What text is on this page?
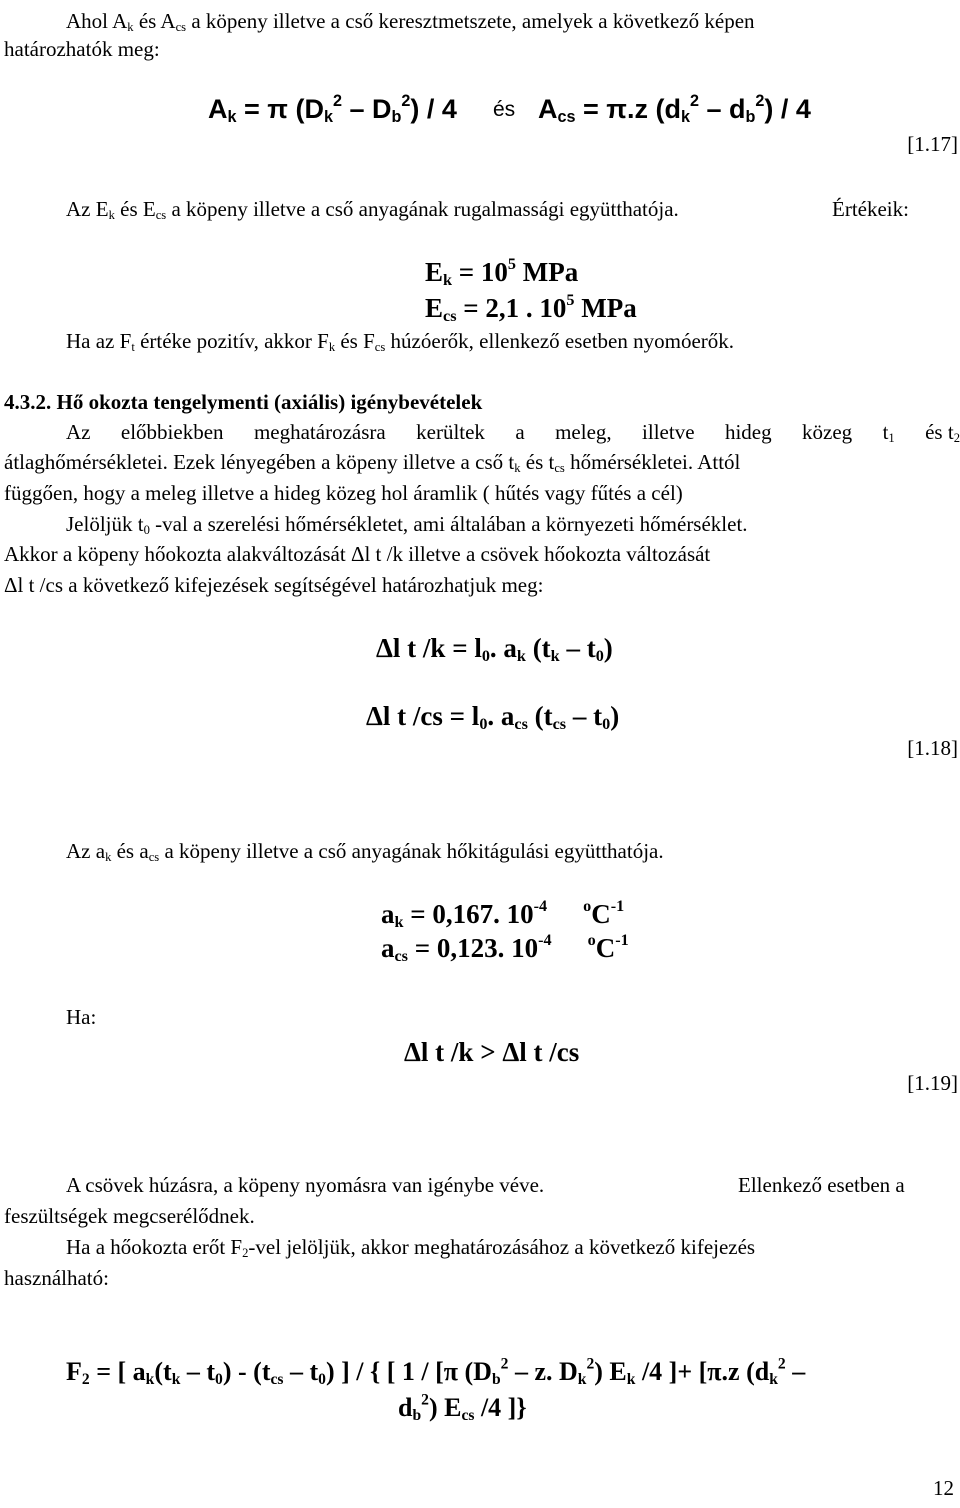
Ahol $A_k$ és $A_{cs}$ a köpeny illetve a cső keresztmetszete, amelyek a következő képen
határozhatók meg:
$A_k = \pi$ $(D_k^2 - D_b^2) / 4$ és $A_{cs} = \pi.z$ $(d_k^2 - d_b^2) / 4$
[1.17]
Az $E_k$ és $E_{cs}$ a köpeny illetve a cső anyagának rugalmassági együtthatója.	Értékeik:
$E_k = 10^5$ MPa
$E_{cs} = 2,1$ . $10^5$ MPa
Ha az $F_t$ értéke pozitív, akkor $F_k$ és $F_{cs}$ húzóerők, ellenkező esetben nyomóerők.
4.3.2. Hő okozta tengelymenti (axiális) igénybevételek
Az előbbiekben meghatározásra kerültek a meleg, illetve hideg közeg $t_1$ és $t_2$
átlaghőmérsékletei. Ezek lényegében a köpeny illetve a cső $t_k$ és $t_{cs}$ hőmérsékletei. Attól
függően, hogy a meleg illetve a hideg közeg hol áramlik ( hűtés vagy fűtés a cél)
Jelöljük $t_0$ -val a szerelési hőmérsékletet, ami általában a környezeti hőmérséklet.
Akkor a köpeny hőokozta alakváltozását Δl t /k illetve a csövek hőokozta változását
Δl t /cs a következő kifejezések segítségével határozhatjuk meg:
Δl t $/k = l_0$. $a_k$ $(t_k - t_0)$
Δl t $/cs = l_0$. $a_{cs}$ $(t_{cs} - t_0)$
[1.18]
Az $a_k$ és $a_{cs}$ a köpeny illetve a cső anyagának hőkitágulási együtthatója.
$a_k = 0,167$. $10^{-4}$ $^oC^{-1}$
$a_{cs} = 0,123$. $10^{-4}$ $^oC^{-1}$
Ha:
Δl t /k > Δl t /cs
[1.19]
A csövek húzásra, a köpeny nyomásra van igénybe véve.	Ellenkező esetben a
feszültségek megcserélődnek.
Ha a hőokozta erőt $F_2$-vel jelöljük, akkor meghatározásához a következő kifejezés
használható:
$F_2$ = [ $a_k(t_k - t_0) - (t_{cs} - t_0)$ ] / { [ 1 / [π ($D_b^2$ – z. $D_k^2$) $E_k$ /4 ]+ [π.z ($d_k^2$ –
$d_b^2$) $E_{cs}$ /4 ]}
12
